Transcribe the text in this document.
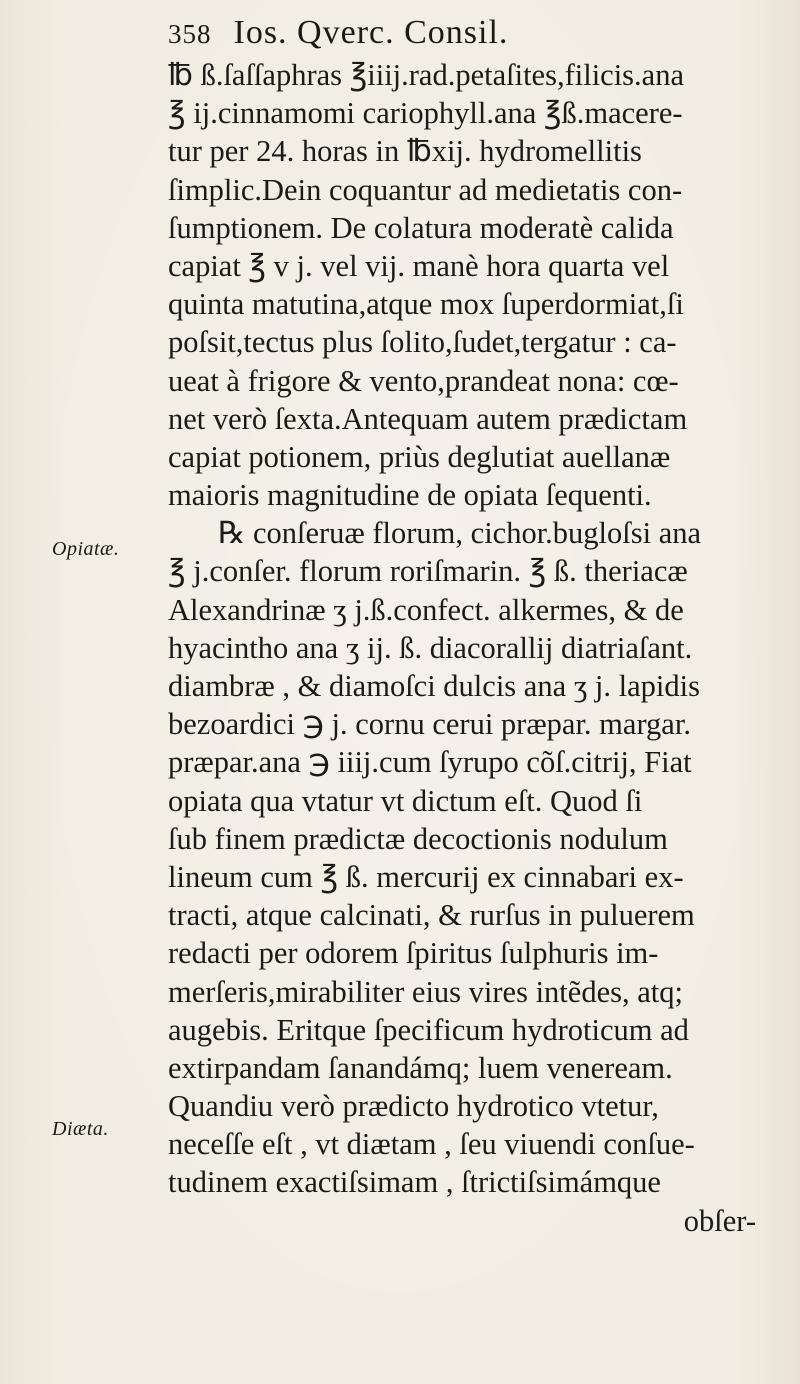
358 Ios. Qverc. Consil.
Opiatæ.
Diæta.
℔ ß.ſaſſaphras ℥iiij.rad.petaſites,filicis.ana
℥ ij.cinnamomi cariophyll.ana ℥ß.macere-
tur per 24. horas in ℔xij. hydromellitis
ſimplic.Dein coquantur ad medietatis con-
ſumptionem. De colatura moderatè calida
capiat ℥ v j. vel vij. manè hora quarta vel
quinta matutina,atque mox ſuperdormiat,ſi
poſsit,tectus plus ſolito,ſudet,tergatur : ca-
ueat à frigore & vento,prandeat nona: cœ-
net verò ſexta.Antequam autem prædictam
capiat potionem, priùs deglutiat auellanæ
maioris magnitudine de opiata ſequenti.
℞ conſeruæ florum, cichor.bugloſsi ana
℥ j.conſer. florum roriſmarin. ℥ ß. theriacæ
Alexandrinæ ʒ j.ß.confect. alkermes, & de
hyacintho ana ʒ ij. ß. diacorallij diatriaſant.
diambræ , & diamoſci dulcis ana ʒ j. lapidis
bezoardici ℈ j. cornu cerui præpar. margar.
præpar.ana ℈ iiij.cum ſyrupo cõſ.citrij, Fiat
opiata qua vtatur vt dictum eſt. Quod ſi
ſub finem prædictæ decoctionis nodulum
lineum cum ℥ ß. mercurij ex cinnabari ex-
tracti, atque calcinati, & rurſus in puluerem
redacti per odorem ſpiritus ſulphuris im-
merſeris,mirabiliter eius vires intẽdes, atq;
augebis. Eritque ſpecificum hydroticum ad
extirpandam ſanandámq; luem veneream.
Quandiu verò prædicto hydrotico vtetur,
neceſſe eſt , vt diætam , ſeu viuendi conſue-
tudinem exactiſsimam , ſtrictiſsimámque
obſer-
